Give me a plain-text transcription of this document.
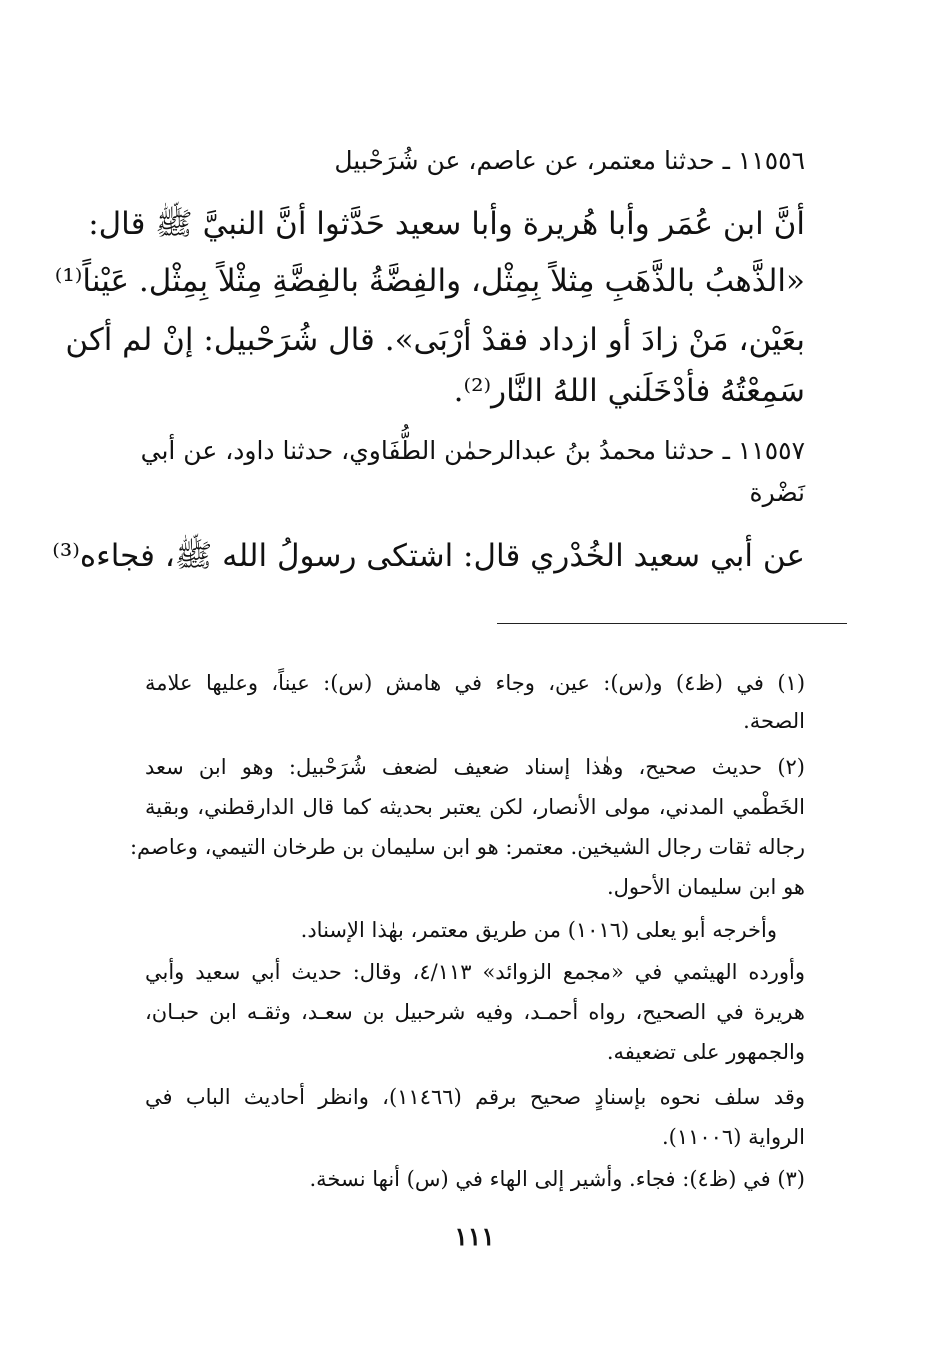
١١٥٥٦ ـ حدثنا معتمر، عن عاصم، عن شُرَحْبيل
أنَّ ابن عُمَر وأبا هُريرة وأبا سعيد حَدَّثوا أنَّ النبيَّ ﷺ قال:
«الذَّهبُ بالذَّهَبِ مِثلاً بِمِثْل، والفِضَّةُ بالفِضَّةِ مِثْلاً بِمِثْل. عَيْناً⁽¹⁾
بعَيْن، مَنْ زادَ أو ازداد فقدْ أرْبَى». قال شُرَحْبيل: إنْ لم أكن
سَمِعْتُهُ فأدْخَلَني اللهُ النَّار⁽²⁾.
١١٥٥٧ ـ حدثنا محمدُ بنُ عبدالرحمٰن الطُّفَاوي، حدثنا داود، عن أبي
نَضْرة
عن أبي سعيد الخُدْري قال: اشتكى رسولُ الله ﷺ، فجاءه⁽³⁾
(١) في (ظ٤) و(س): عين، وجاء في هامش (س): عيناً، وعليها علامة
الصحة.
(٢) حديث صحيح، وهٰذا إسناد ضعيف لضعف شُرَحْبيل: وهو ابن سعد
الخَطْمي المدني، مولى الأنصار، لكن يعتبر بحديثه كما قال الدارقطني، وبقية
رجاله ثقات رجال الشيخين. معتمر: هو ابن سليمان بن طرخان التيمي، وعاصم:
هو ابن سليمان الأحول.
وأخرجه أبو يعلى (١٠١٦) من طريق معتمر، بهٰذا الإسناد.
وأورده الهيثمي في «مجمع الزوائد» ٤/١١٣، وقال: حديث أبي سعيد وأبي
هريرة في الصحيح، رواه أحمـد، وفيه شرحبيل بن سعـد، وثقـه ابن حبـان،
والجمهور على تضعيفه.
وقد سلف نحوه بإسنادٍ صحيح برقم (١١٤٦٦)، وانظر أحاديث الباب في
الرواية (١١٠٠٦).
(٣) في (ظ٤): فجاء. وأشير إلى الهاء في (س) أنها نسخة.
١١١
